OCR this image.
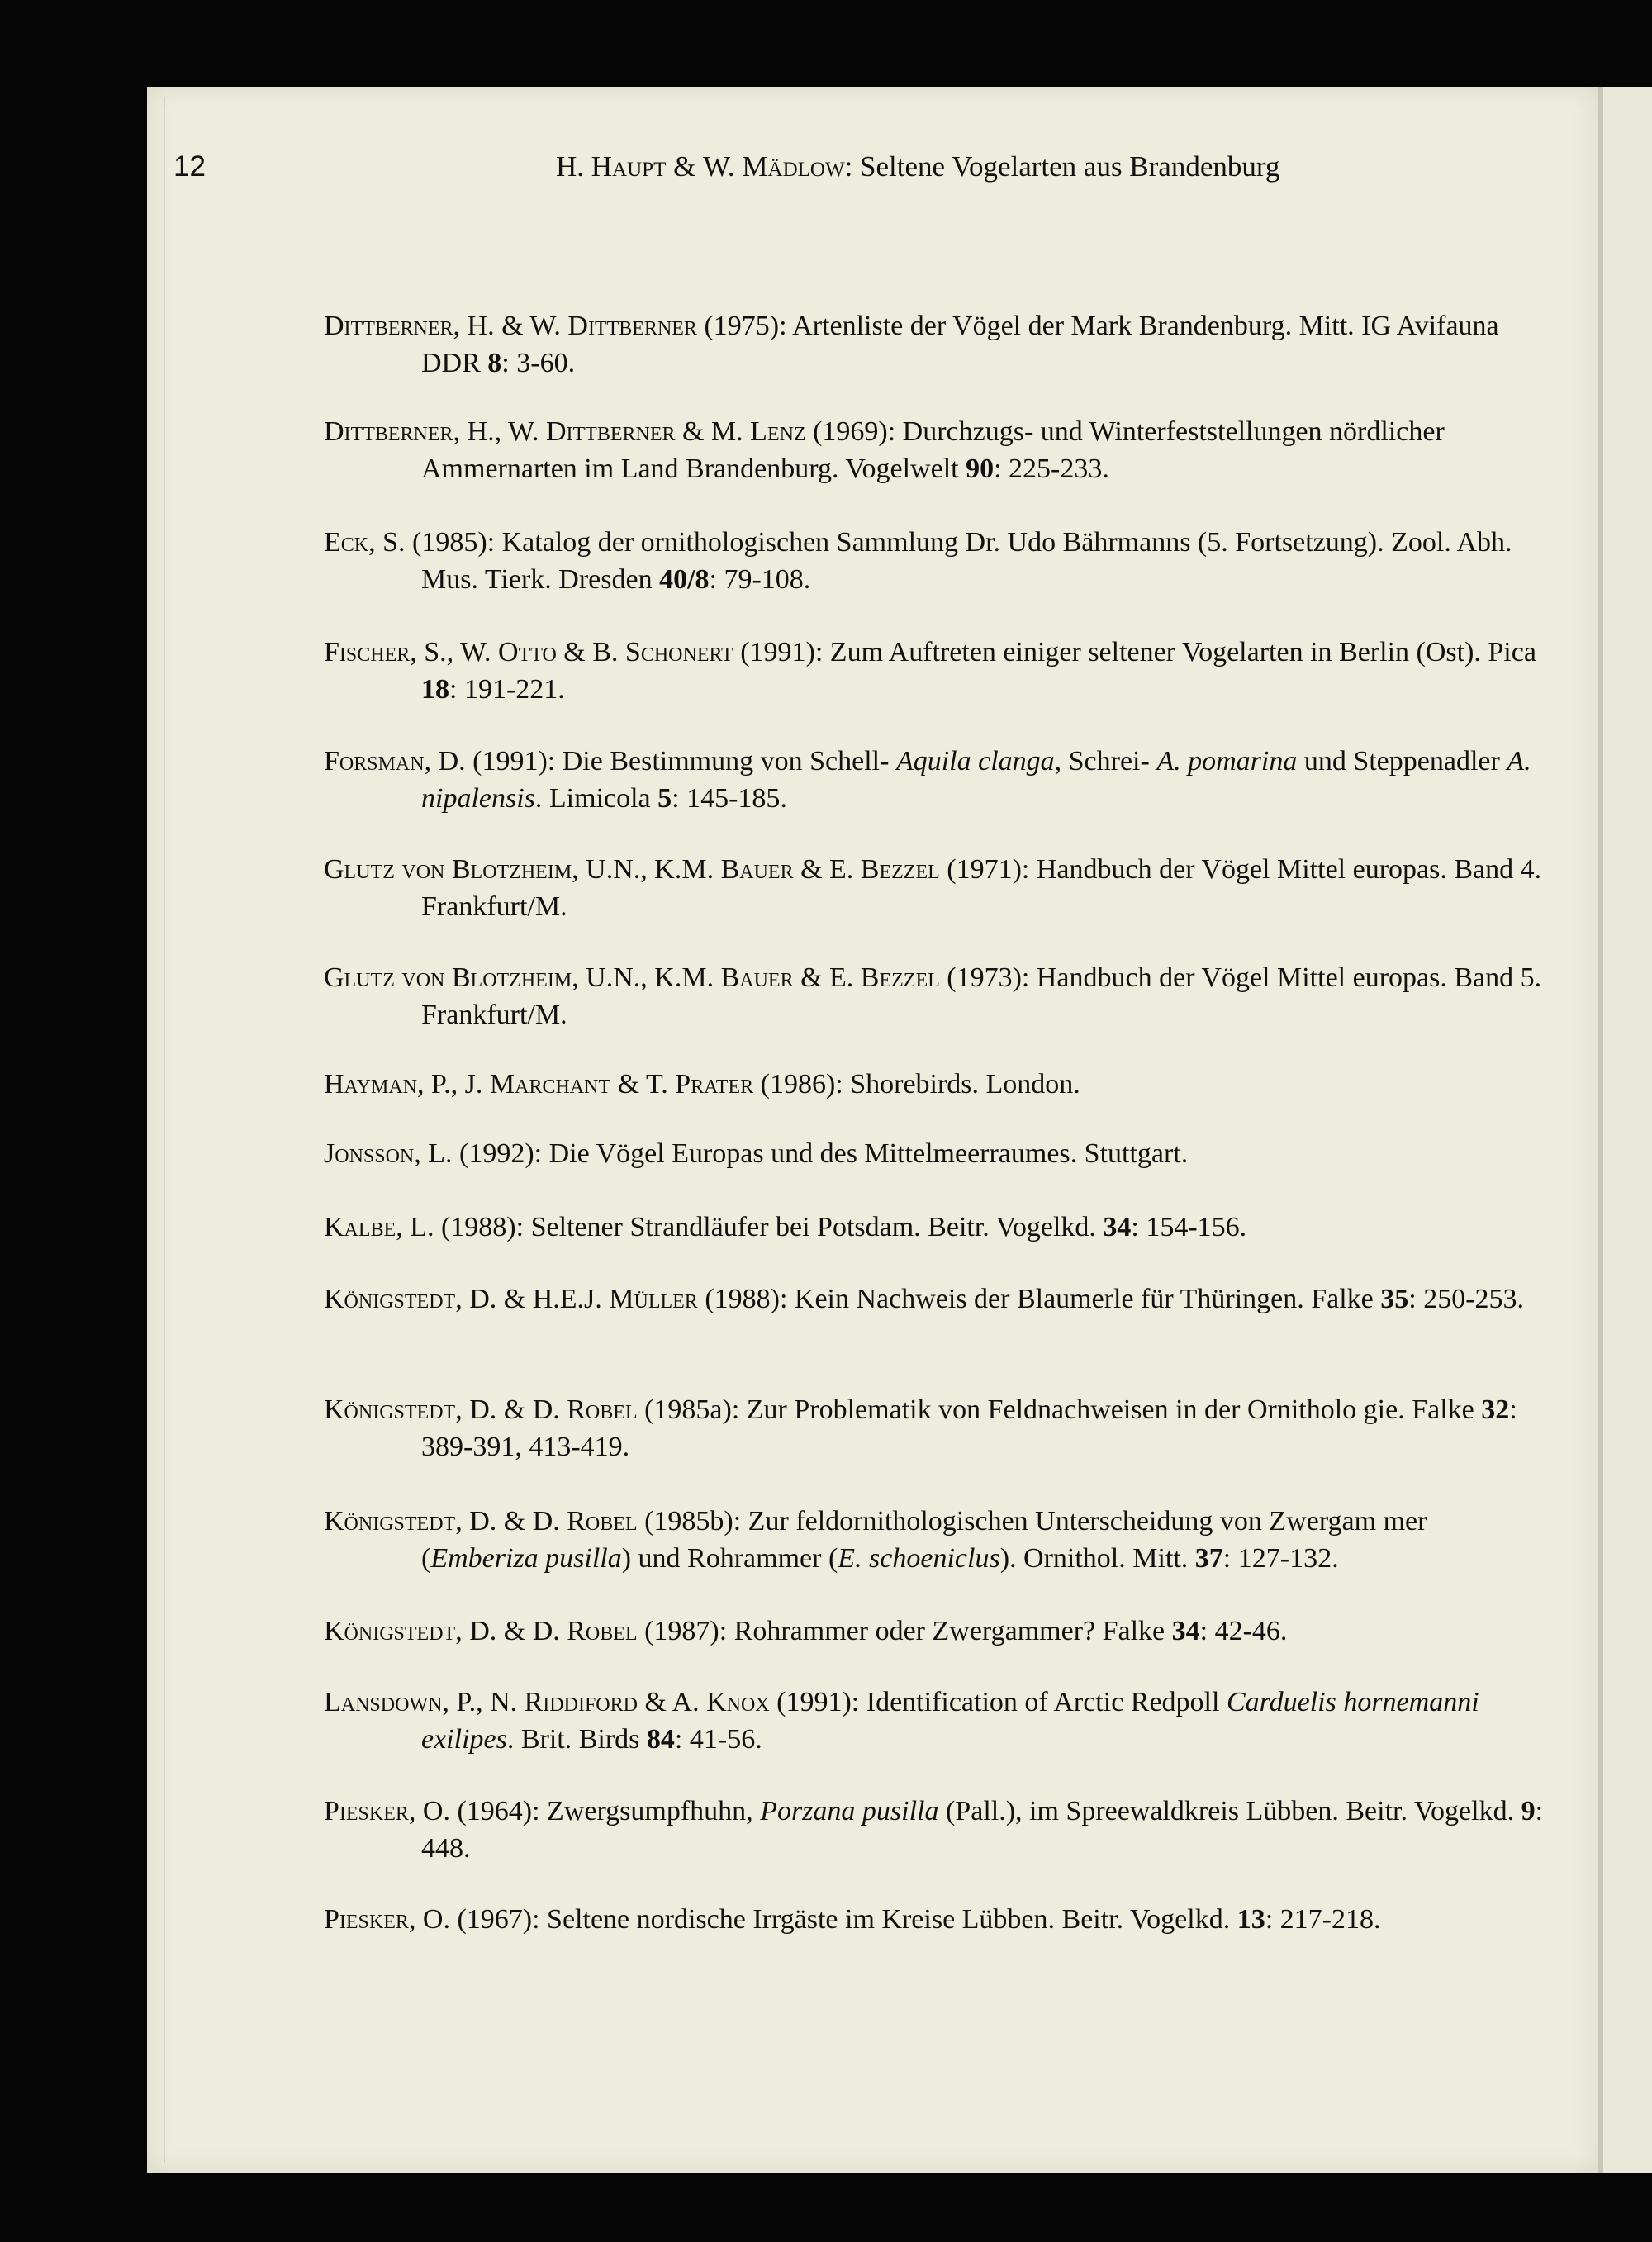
12	H. Haupt & W. Mädlow: Seltene Vogelarten aus Brandenburg

Dittberner, H. & W. Dittberner (1975): Artenliste der Vögel der Mark Brandenburg. Mitt. IG Avifauna DDR 8: 3-60.

Dittberner, H., W. Dittberner & M. Lenz (1969): Durchzugs- und Winterfeststellungen nördlicher Ammernarten im Land Brandenburg. Vogelwelt 90: 225-233.

Eck, S. (1985): Katalog der ornithologischen Sammlung Dr. Udo Bährmanns (5. Fortsetzung). Zool. Abh. Mus. Tierk. Dresden 40/8: 79-108.

Fischer, S., W. Otto & B. Schonert (1991): Zum Auftreten einiger seltener Vogelarten in Berlin (Ost). Pica 18: 191-221.

Forsman, D. (1991): Die Bestimmung von Schell- Aquila clanga, Schrei- A. pomarina und Steppenadler A. nipalensis. Limicola 5: 145-185.

Glutz von Blotzheim, U.N., K.M. Bauer & E. Bezzel (1971): Handbuch der Vögel Mittel europas. Band 4. Frankfurt/M.

Glutz von Blotzheim, U.N., K.M. Bauer & E. Bezzel (1973): Handbuch der Vögel Mittel europas. Band 5. Frankfurt/M.

Hayman, P., J. Marchant & T. Prater (1986): Shorebirds. London.

Jonsson, L. (1992): Die Vögel Europas und des Mittelmeerraumes. Stuttgart.

Kalbe, L. (1988): Seltener Strandläufer bei Potsdam. Beitr. Vogelkd. 34: 154-156.

Königstedt, D. & H.E.J. Müller (1988): Kein Nachweis der Blaumerle für Thüringen. Falke 35: 250-253.

Königstedt, D. & D. Robel (1985a): Zur Problematik von Feldnachweisen in der Ornitholo gie. Falke 32: 389-391, 413-419.

Königstedt, D. & D. Robel (1985b): Zur feldornithologischen Unterscheidung von Zwergam mer (Emberiza pusilla) und Rohrammer (E. schoeniclus). Ornithol. Mitt. 37: 127-132.

Königstedt, D. & D. Robel (1987): Rohrammer oder Zwergammer? Falke 34: 42-46.

Lansdown, P., N. Riddiford & A. Knox (1991): Identification of Arctic Redpoll Carduelis hornemanni exilipes. Brit. Birds 84: 41-56.

Piesker, O. (1964): Zwergsumpfhuhn, Porzana pusilla (Pall.), im Spreewaldkreis Lübben. Beitr. Vogelkd. 9: 448.

Piesker, O. (1967): Seltene nordische Irrgäste im Kreise Lübben. Beitr. Vogelkd. 13: 217-218.
